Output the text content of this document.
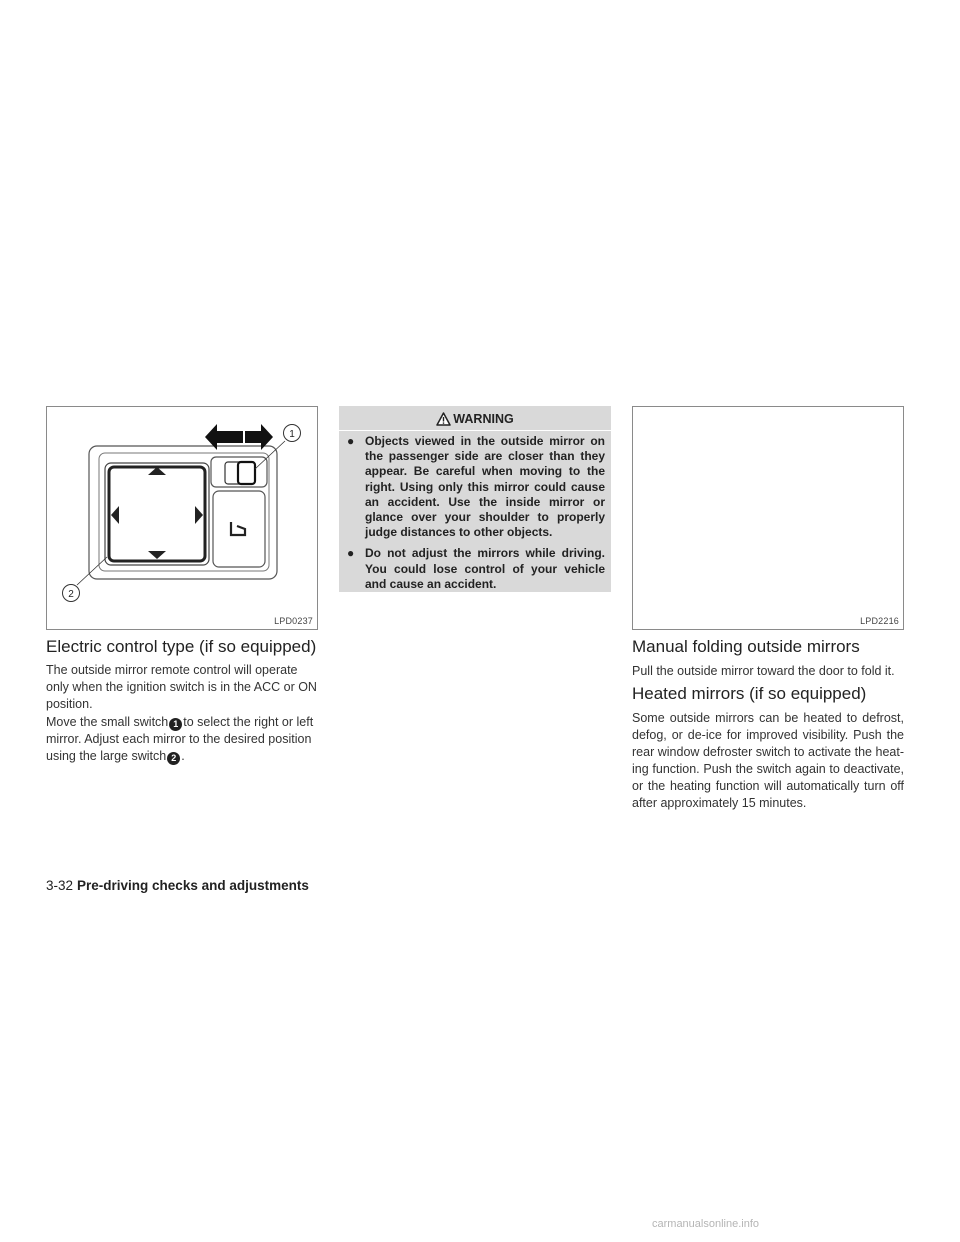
1
2
LPD0237
Electric control type (if so equipped)

The outside mirror remote control will operate only when the ignition switch is in the ACC or ON position.

Move the small switch 1 to select the right or left mirror. Adjust each mirror to the desired position using the large switch 2 .

WARNING
● Objects viewed in the outside mirror on the passenger side are closer than they appear. Be careful when moving to the right. Using only this mirror could cause an accident. Use the inside mirror or glance over your shoulder to properly judge distances to other objects.
● Do not adjust the mirrors while driving. You could lose control of your vehicle and cause an accident.
LPD2216
Manual folding outside mirrors

Pull the outside mirror toward the door to fold it.

Heated mirrors (if so equipped)

Some outside mirrors can be heated to defrost, defog, or de-ice for improved visibility. Push the rear window defroster switch to activate the heat- ing function. Push the switch again to deactivate, or the heating function will automatically turn off after approximately 15 minutes.

3-32 Pre-driving checks and adjustments
carmanualsonline.info
